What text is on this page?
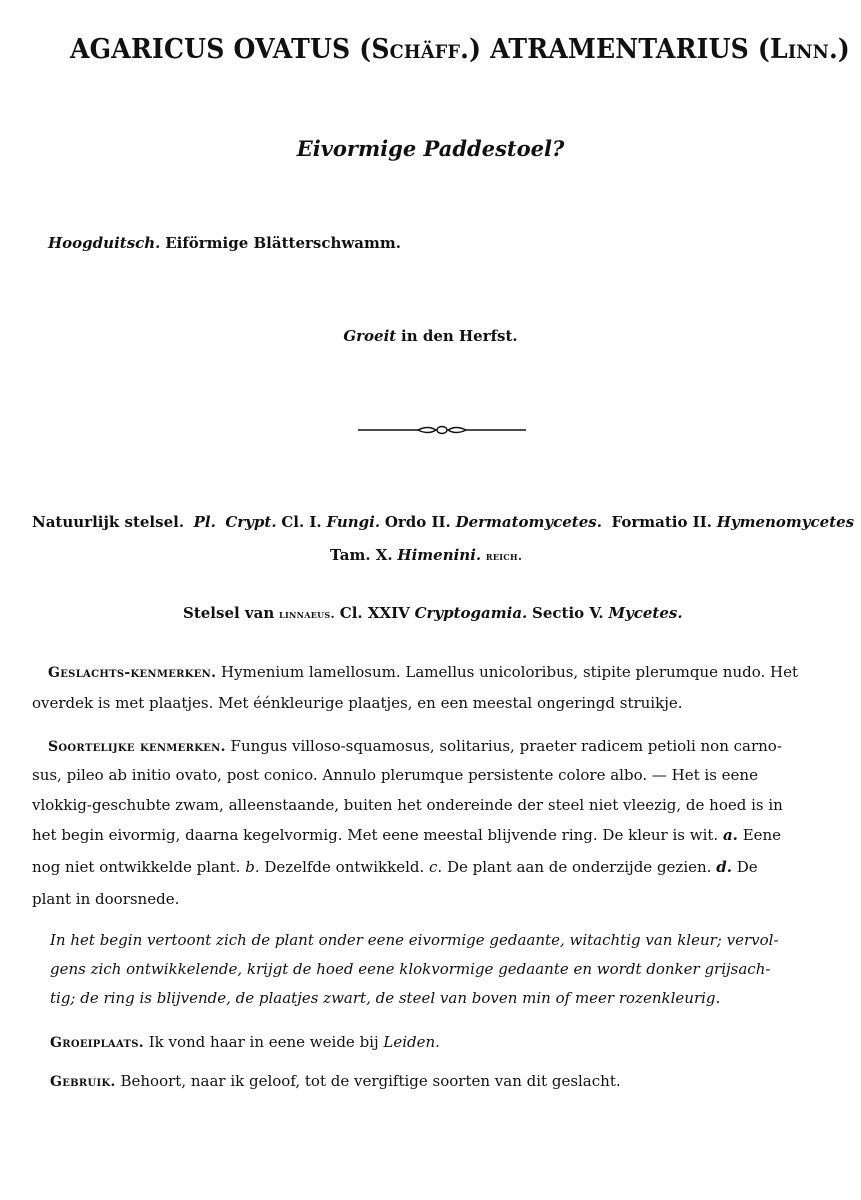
AGARICUS OVATUS (Schäff.) ATRAMENTARIUS (Linn.)
Eivormige Paddestoel?
Hoogduitsch. Eiförmige Blätterschwamm.
Groeit in den Herfst.
Natuurlijk stelsel. Pl. Crypt. Cl. I. Fungi. Ordo II. Dermatomycetes. Formatio II. Hymenomycetes
Tam. X. Himenini. reich.
Stelsel van linnaeus. Cl. XXIV Cryptogamia. Sectio V. Mycetes.
Geslachts-kenmerken. Hymenium lamellosum. Lamellus unicoloribus, stipite plerumque nudo. Het
overdek is met plaatjes. Met éénkleurige plaatjes, en een meestal ongeringd struikje.
Soortelijke kenmerken. Fungus villoso-squamosus, solitarius, praeter radicem petioli non carno-
sus, pileo ab initio ovato, post conico. Annulo plerumque persistente colore albo. — Het is eene
vlokkig-geschubte zwam, alleenstaande, buiten het ondereinde der steel niet vleezig, de hoed is in
het begin eivormig, daarna kegelvormig. Met eene meestal blijvende ring. De kleur is wit. a. Eene
nog niet ontwikkelde plant. b. Dezelfde ontwikkeld. c. De plant aan de onderzijde gezien. d. De
plant in doorsnede.
In het begin vertoont zich de plant onder eene eivormige gedaante, witachtig van kleur; vervol-
gens zich ontwikkelende, krijgt de hoed eene klokvormige gedaante en wordt donker grijsach-
tig; de ring is blijvende, de plaatjes zwart, de steel van boven min of meer rozenkleurig.
Groeiplaats. Ik vond haar in eene weide bij Leiden.
Gebruik. Behoort, naar ik geloof, tot de vergiftige soorten van dit geslacht.
